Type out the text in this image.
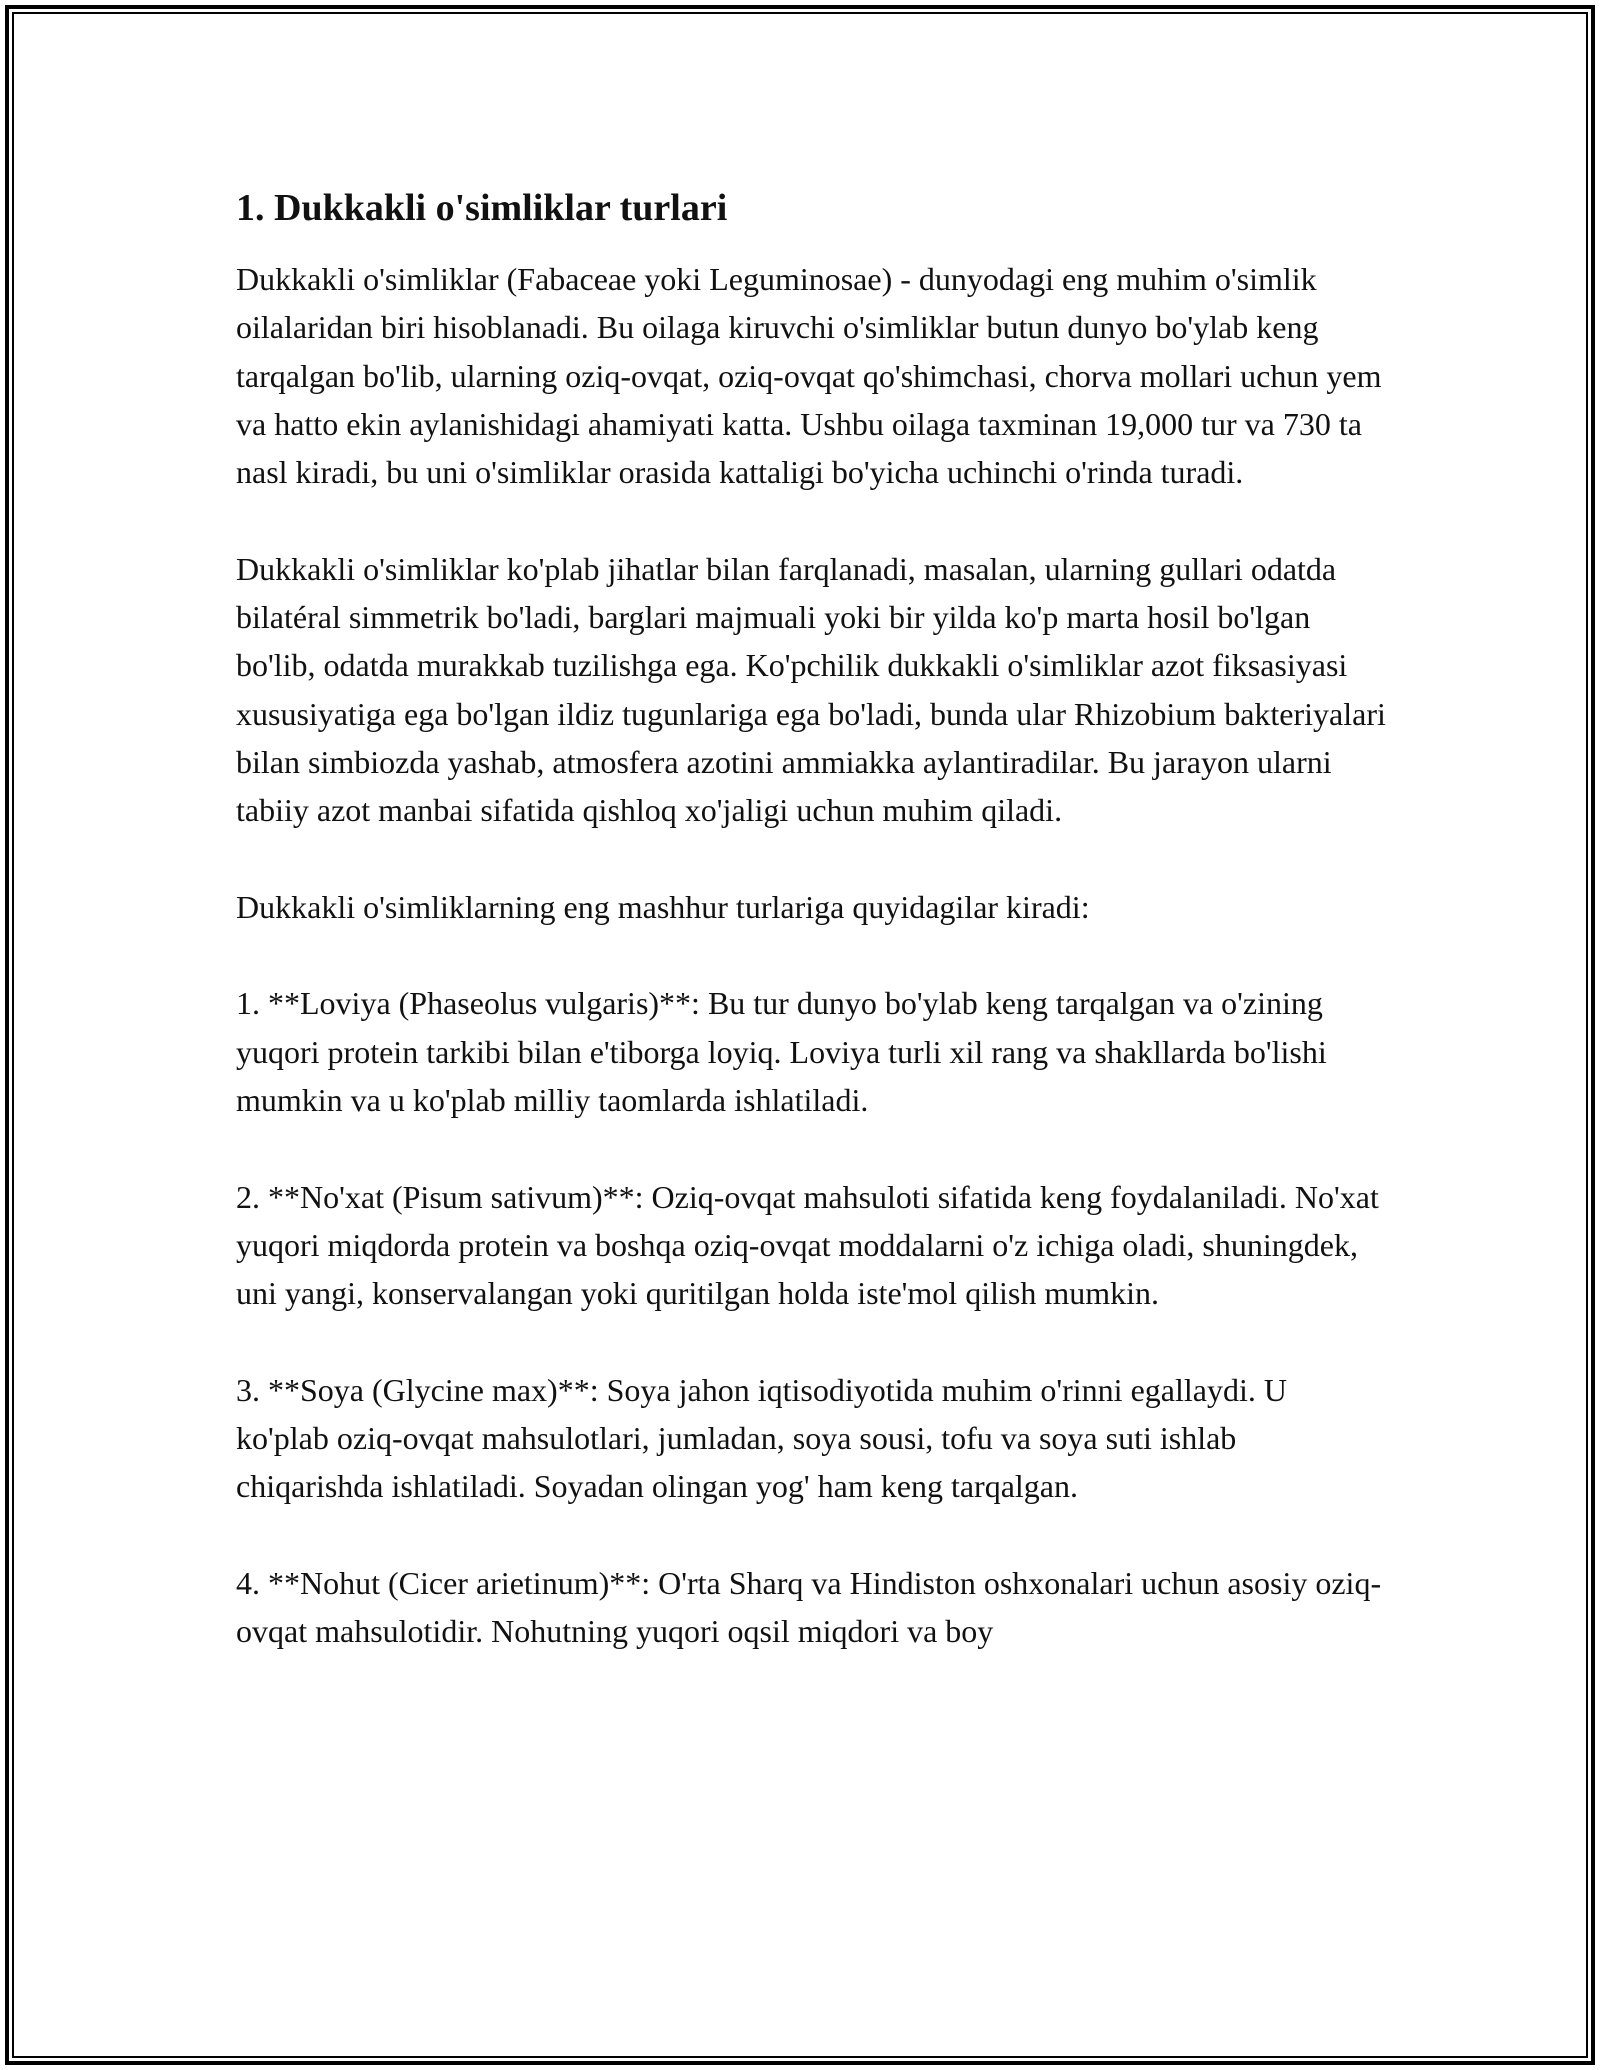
1. Dukkakli o'simliklar turlari

Dukkakli o'simliklar (Fabaceae yoki Leguminosae) - dunyodagi eng muhim o'simlik oilalaridan biri hisoblanadi. Bu oilaga kiruvchi o'simliklar butun dunyo bo'ylab keng tarqalgan bo'lib, ularning oziq-ovqat, oziq-ovqat qo'shimchasi, chorva mollari uchun yem va hatto ekin aylanishidagi ahamiyati katta. Ushbu oilaga taxminan 19,000 tur va 730 ta nasl kiradi, bu uni o'simliklar orasida kattaligi bo'yicha uchinchi o'rinda turadi.

Dukkakli o'simliklar ko'plab jihatlar bilan farqlanadi, masalan, ularning gullari odatda bilatéral simmetrik bo'ladi, barglari majmuali yoki bir yilda ko'p marta hosil bo'lgan bo'lib, odatda murakkab tuzilishga ega. Ko'pchilik dukkakli o'simliklar azot fiksasiyasi xususiyatiga ega bo'lgan ildiz tugunlariga ega bo'ladi, bunda ular Rhizobium bakteriyalari bilan simbiozda yashab, atmosfera azotini ammiakka aylantiradilar. Bu jarayon ularni tabiiy azot manbai sifatida qishloq xo'jaligi uchun muhim qiladi.

Dukkakli o'simliklarning eng mashhur turlariga quyidagilar kiradi:

1. **Loviya (Phaseolus vulgaris)**: Bu tur dunyo bo'ylab keng tarqalgan va o'zining yuqori protein tarkibi bilan e'tiborga loyiq. Loviya turli xil rang va shakllarda bo'lishi mumkin va u ko'plab milliy taomlarda ishlatiladi.

2. **No'xat (Pisum sativum)**: Oziq-ovqat mahsuloti sifatida keng foydalaniladi. No'xat yuqori miqdorda protein va boshqa oziq-ovqat moddalarni o'z ichiga oladi, shuningdek, uni yangi, konservalangan yoki quritilgan holda iste'mol qilish mumkin.

3. **Soya (Glycine max)**: Soya jahon iqtisodiyotida muhim o'rinni egallaydi. U ko'plab oziq-ovqat mahsulotlari, jumladan, soya sousi, tofu va soya suti ishlab chiqarishda ishlatiladi. Soyadan olingan yog' ham keng tarqalgan.

4. **Nohut (Cicer arietinum)**: O'rta Sharq va Hindiston oshxonalari uchun asosiy oziq-ovqat mahsulotidir. Nohutning yuqori oqsil miqdori va boy
